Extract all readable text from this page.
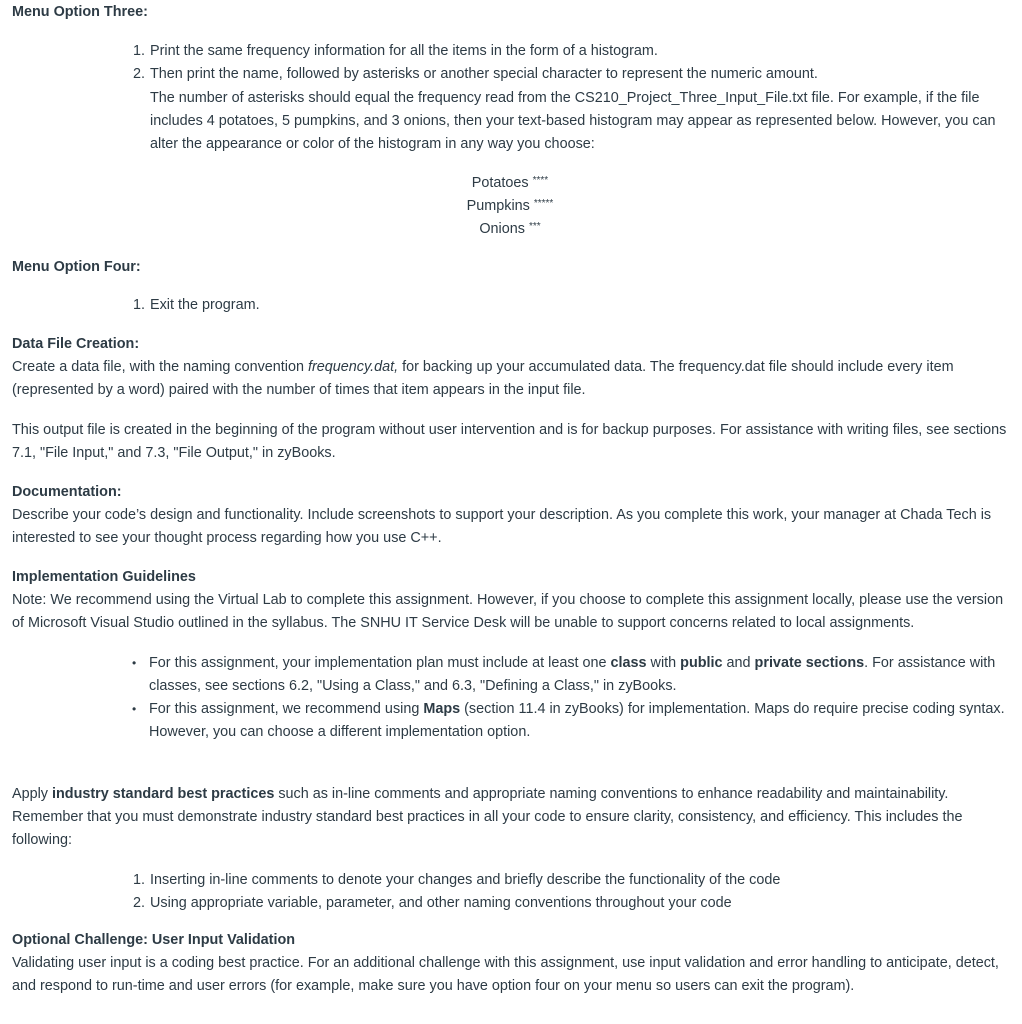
Menu Option Three:
1. Print the same frequency information for all the items in the form of a histogram.
2. Then print the name, followed by asterisks or another special character to represent the numeric amount.
The number of asterisks should equal the frequency read from the CS210_Project_Three_Input_File.txt file. For example, if the file includes 4 potatoes, 5 pumpkins, and 3 onions, then your text-based histogram may appear as represented below. However, you can alter the appearance or color of the histogram in any way you choose:
Potatoes ****
Pumpkins *****
Onions ***
Menu Option Four:
1. Exit the program.
Data File Creation:

Create a data file, with the naming convention frequency.dat, for backing up your accumulated data. The frequency.dat file should include every item (represented by a word) paired with the number of times that item appears in the input file.

This output file is created in the beginning of the program without user intervention and is for backup purposes. For assistance with writing files, see sections 7.1, "File Input," and 7.3, "File Output," in zyBooks.

Documentation:

Describe your code’s design and functionality. Include screenshots to support your description. As you complete this work, your manager at Chada Tech is interested to see your thought process regarding how you use C++.

Implementation Guidelines

Note: We recommend using the Virtual Lab to complete this assignment. However, if you choose to complete this assignment locally, please use the version of Microsoft Visual Studio outlined in the syllabus. The SNHU IT Service Desk will be unable to support concerns related to local assignments.

• For this assignment, your implementation plan must include at least one class with public and private sections. For assistance with classes, see sections 6.2, "Using a Class," and 6.3, "Defining a Class," in zyBooks.
• For this assignment, we recommend using Maps (section 11.4 in zyBooks) for implementation. Maps do require precise coding syntax. However, you can choose a different implementation option.

Apply industry standard best practices such as in-line comments and appropriate naming conventions to enhance readability and maintainability. Remember that you must demonstrate industry standard best practices in all your code to ensure clarity, consistency, and efficiency. This includes the following:

1. Inserting in-line comments to denote your changes and briefly describe the functionality of the code
2. Using appropriate variable, parameter, and other naming conventions throughout your code
Optional Challenge: User Input Validation

Validating user input is a coding best practice. For an additional challenge with this assignment, use input validation and error handling to anticipate, detect, and respond to run-time and user errors (for example, make sure you have option four on your menu so users can exit the program).
